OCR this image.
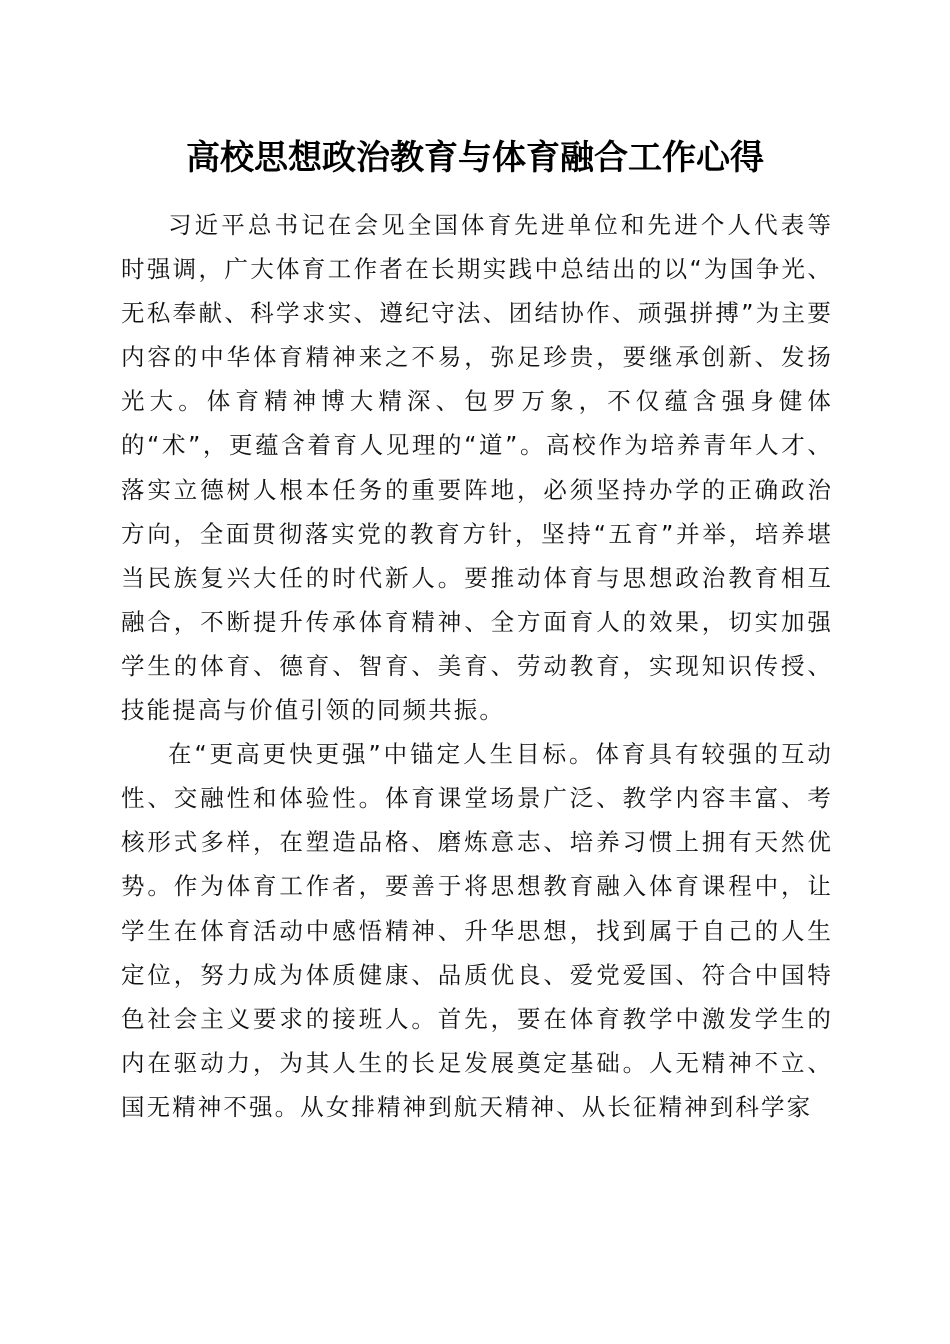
高校思想政治教育与体育融合工作心得

习近平总书记在会见全国体育先进单位和先进个人代表等时强调，广大体育工作者在长期实践中总结出的以“为国争光、无私奉献、科学求实、遵纪守法、团结协作、顽强拼搏”为主要内容的中华体育精神来之不易，弥足珍贵，要继承创新、发扬光大。体育精神博大精深、包罗万象，不仅蕴含强身健体的“术”，更蕴含着育人见理的“道”。高校作为培养青年人才、落实立德树人根本任务的重要阵地，必须坚持办学的正确政治方向，全面贯彻落实党的教育方针，坚持“五育”并举，培养堪当民族复兴大任的时代新人。要推动体育与思想政治教育相互融合，不断提升传承体育精神、全方面育人的效果，切实加强学生的体育、德育、智育、美育、劳动教育，实现知识传授、技能提高与价值引领的同频共振。

在“更高更快更强”中锚定人生目标。体育具有较强的互动性、交融性和体验性。体育课堂场景广泛、教学内容丰富、考核形式多样，在塑造品格、磨炼意志、培养习惯上拥有天然优势。作为体育工作者，要善于将思想教育融入体育课程中，让学生在体育活动中感悟精神、升华思想，找到属于自己的人生定位，努力成为体质健康、品质优良、爱党爱国、符合中国特色社会主义要求的接班人。首先，要在体育教学中激发学生的内在驱动力，为其人生的长足发展奠定基础。人无精神不立、国无精神不强。从女排精神到航天精神、从长征精神到科学家
